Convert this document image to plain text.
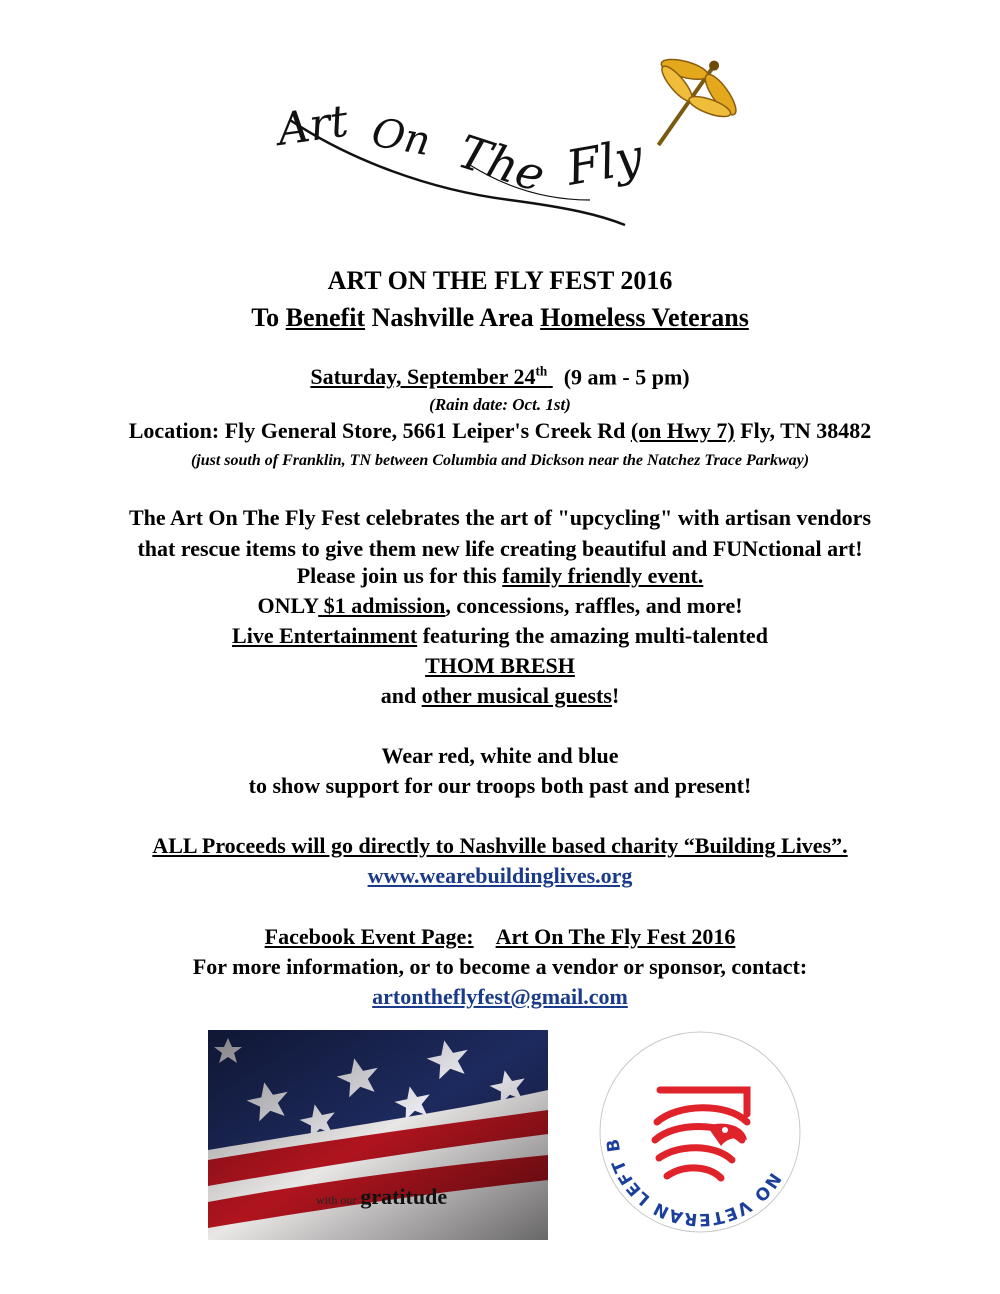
Art On The Fly
ART ON THE FLY FEST 2016
To Benefit Nashville Area Homeless Veterans
Saturday, September 24th (9 am - 5 pm)
(Rain date: Oct. 1st)
Location: Fly General Store, 5661 Leiper's Creek Rd (on Hwy 7) Fly, TN 38482
(just south of Franklin, TN between Columbia and Dickson near the Natchez Trace Parkway)
The Art On The Fly Fest celebrates the art of "upcycling" with artisan vendors
that rescue items to give them new life creating beautiful and FUNctional art!
Please join us for this family friendly event.
ONLY $1 admission, concessions, raffles, and more!
Live Entertainment featuring the amazing multi-talented
THOM BRESH
and other musical guests!
Wear red, white and blue
to show support for our troops both past and present!
ALL Proceeds will go directly to Nashville based charity “Building Lives”.
www.wearebuildinglives.org
Facebook Event Page: Art On The Fly Fest 2016
For more information, or to become a vendor or sponsor, contact:
artontheflyfest@gmail.com
with our gratitude
NO VETERAN LEFT B
